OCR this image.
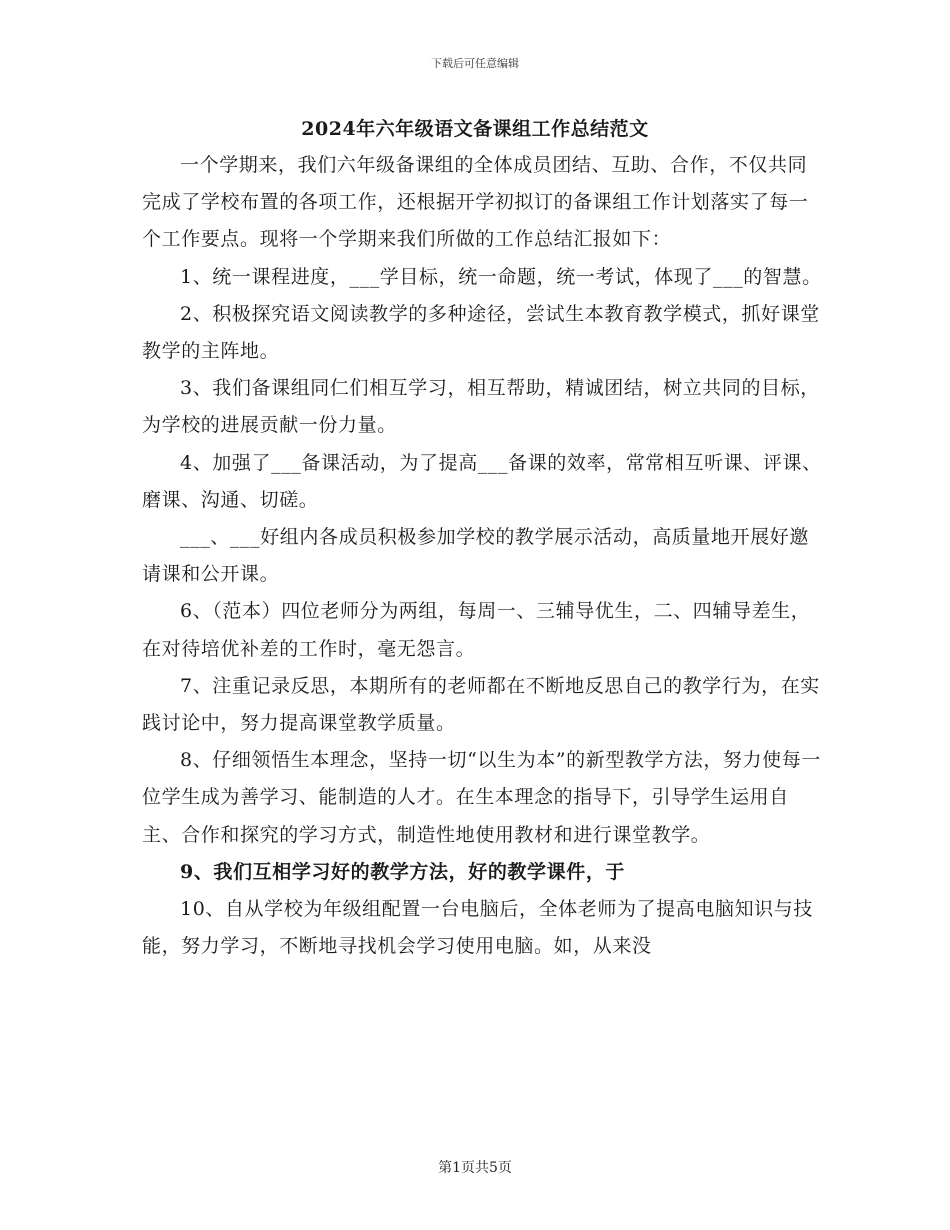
下载后可任意编辑
2024年六年级语文备课组工作总结范文

一个学期来，我们六年级备课组的全体成员团结、互助、合作，不仅共同完成了学校布置的各项工作，还根据开学初拟订的备课组工作计划落实了每一个工作要点。现将一个学期来我们所做的工作总结汇报如下：

1、统一课程进度，___学目标，统一命题，统一考试，体现了___的智慧。

2、积极探究语文阅读教学的多种途径，尝试生本教育教学模式，抓好课堂教学的主阵地。

3、我们备课组同仁们相互学习，相互帮助，精诚团结，树立共同的目标，为学校的进展贡献一份力量。

4、加强了___备课活动，为了提高___备课的效率，常常相互听课、评课、磨课、沟通、切磋。

___、___好组内各成员积极参加学校的教学展示活动，高质量地开展好邀请课和公开课。

6、（范本）四位老师分为两组，每周一、三辅导优生，二、四辅导差生，在对待培优补差的工作时，毫无怨言。

7、注重记录反思，本期所有的老师都在不断地反思自己的教学行为，在实践讨论中，努力提高课堂教学质量。

8、仔细领悟生本理念，坚持一切“以生为本”的新型教学方法，努力使每一位学生成为善学习、能制造的人才。在生本理念的指导下，引导学生运用自主、合作和探究的学习方式，制造性地使用教材和进行课堂教学。

9、我们互相学习好的教学方法，好的教学课件，于

10、自从学校为年级组配置一台电脑后，全体老师为了提高电脑知识与技能，努力学习，不断地寻找机会学习使用电脑。如，从来没

第1页共5页
